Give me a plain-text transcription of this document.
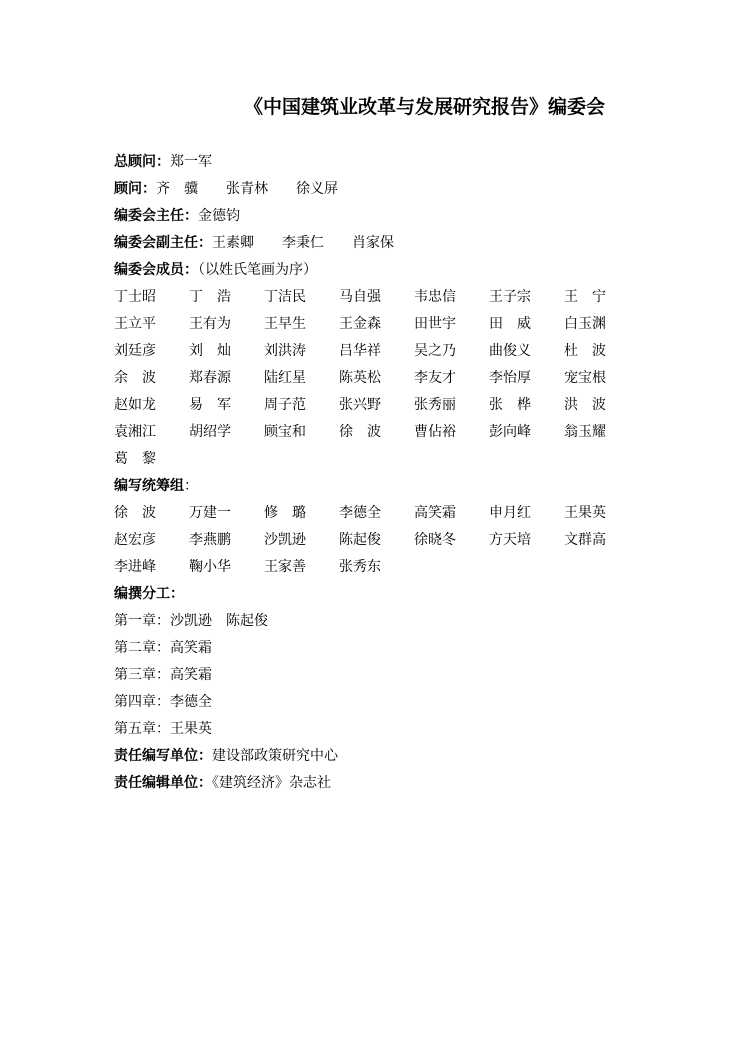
《中国建筑业改革与发展研究报告》编委会
总顾问：郑一军
顾问：齐　骥 张青林 徐义屏
编委会主任：金德钧
编委会副主任：王素卿 李秉仁 肖家保
编委会成员：（以姓氏笔画为序）
丁士昭 丁　浩 丁洁民 马自强 韦忠信 王子宗 王　宁
王立平 王有为 王早生 王金森 田世宇 田　威 白玉渊
刘廷彦 刘　灿 刘洪涛 吕华祥 吴之乃 曲俊义 杜　波
余　波 郑春源 陆红星 陈英松 李友才 李怡厚 宠宝根
赵如龙 易　军 周子范 张兴野 张秀丽 张　桦 洪　波
袁湘江 胡绍学 顾宝和 徐　波 曹佔裕 彭向峰 翁玉耀
葛　黎
编写统筹组：
徐　波 万建一 修　璐 李德全 高笑霜 申月红 王果英
赵宏彦 李燕鹏 沙凯逊 陈起俊 徐晓冬 方天培 文群高
李进峰 鞠小华 王家善 张秀东
编撰分工：
第一章：沙凯逊　陈起俊
第二章：高笑霜
第三章：高笑霜
第四章：李德全
第五章：王果英
责任编写单位：建设部政策研究中心
责任编辑单位：《建筑经济》杂志社
